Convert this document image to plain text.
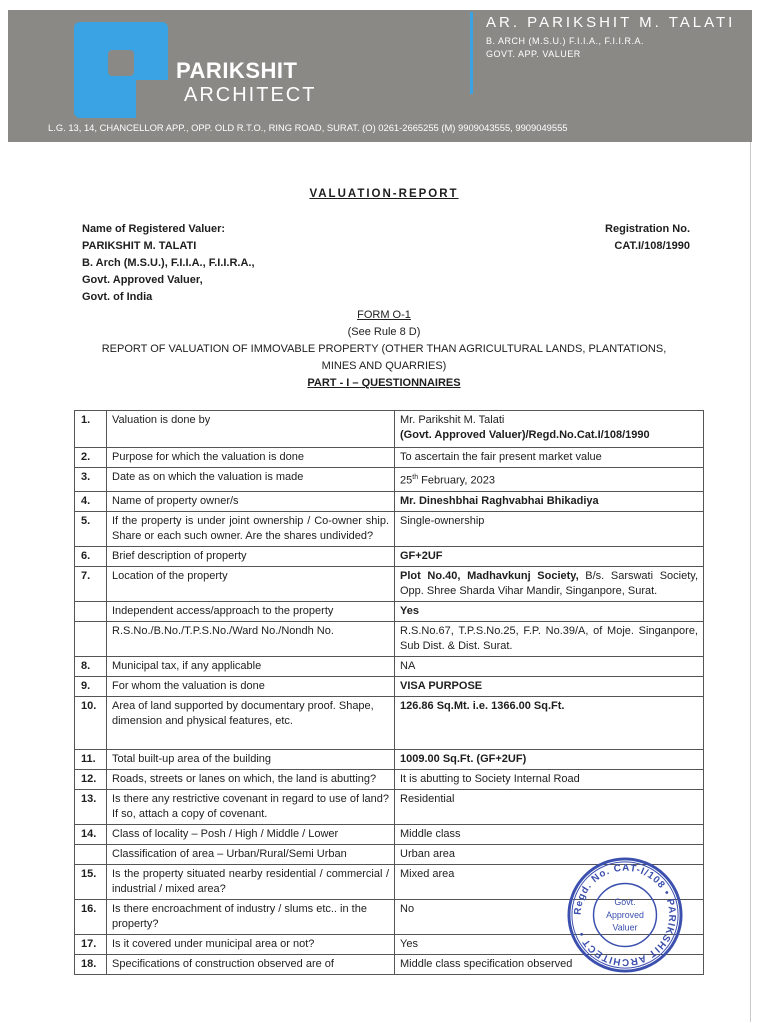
PARIKSHIT
ARCHITECT
AR. PARIKSHIT M. TALATI
B. ARCH (M.S.U.) F.I.I.A., F.I.I.R.A.
GOVT. APP. VALUER
L.G. 13, 14, CHANCELLOR APP., OPP. OLD R.T.O., RING ROAD, SURAT. (O) 0261-2665255 (M) 9909043555, 9909049555
VALUATION-REPORT
Name of Registered Valuer:
PARIKSHIT M. TALATI
B. Arch (M.S.U.), F.I.I.A., F.I.I.R.A.,
Govt. Approved Valuer,
Govt. of India
Registration No.
CAT.I/108/1990
FORM O-1
(See Rule 8 D)
REPORT OF VALUATION OF IMMOVABLE PROPERTY (OTHER THAN AGRICULTURAL LANDS, PLANTATIONS,
MINES AND QUARRIES)
PART - I – QUESTIONNAIRES
1.	Valuation is done by	Mr. Parikshit M. Talati
(Govt. Approved Valuer)/Regd.No.Cat.I/108/1990

2.	Purpose for which the valuation is done	To ascertain the fair present market value
3.	Date as on which the valuation is made	25th February, 2023
4.	Name of property owner/s	Mr. Dineshbhai Raghvabhai Bhikadiya
5.	If the property is under joint ownership / Co-owner ship. Share or each such owner. Are the shares undivided?	Single-ownership
6.	Brief description of property	GF+2UF
7.	Location of the property	Plot No.40, Madhavkunj Society, B/s. Sarswati Society, Opp. Shree Sharda Vihar Mandir, Singanpore, Surat.
	Independent access/approach to the property	Yes
	R.S.No./B.No./T.P.S.No./Ward No./Nondh No.	R.S.No.67, T.P.S.No.25, F.P. No.39/A, of Moje. Singanpore, Sub Dist. & Dist. Surat.
8.	Municipal tax, if any applicable	NA
9.	For whom the valuation is done	VISA PURPOSE
10.	Area of land supported by documentary proof. Shape, dimension and physical features, etc.	126.86 Sq.Mt. i.e. 1366.00 Sq.Ft.
11.	Total built-up area of the building	1009.00 Sq.Ft. (GF+2UF)
12.	Roads, streets or lanes on which, the land is abutting?	It is abutting to Society Internal Road
13.	Is there any restrictive covenant in regard to use of land? If so, attach a copy of covenant.	Residential
14.	Class of locality – Posh / High / Middle / Lower	Middle class
	Classification of area – Urban/Rural/Semi Urban	Urban area
15.	Is the property situated nearby residential / commercial / industrial / mixed area?	Mixed area
16.	Is there encroachment of industry / slums etc.. in the property?	No
17.	Is it covered under municipal area or not?	Yes
18.	Specifications of construction observed are of	Middle class specification observed
Regd. No. CAT-I/108 • PARIKSHIT ARCHITECT •
Govt.
Approved
Valuer
